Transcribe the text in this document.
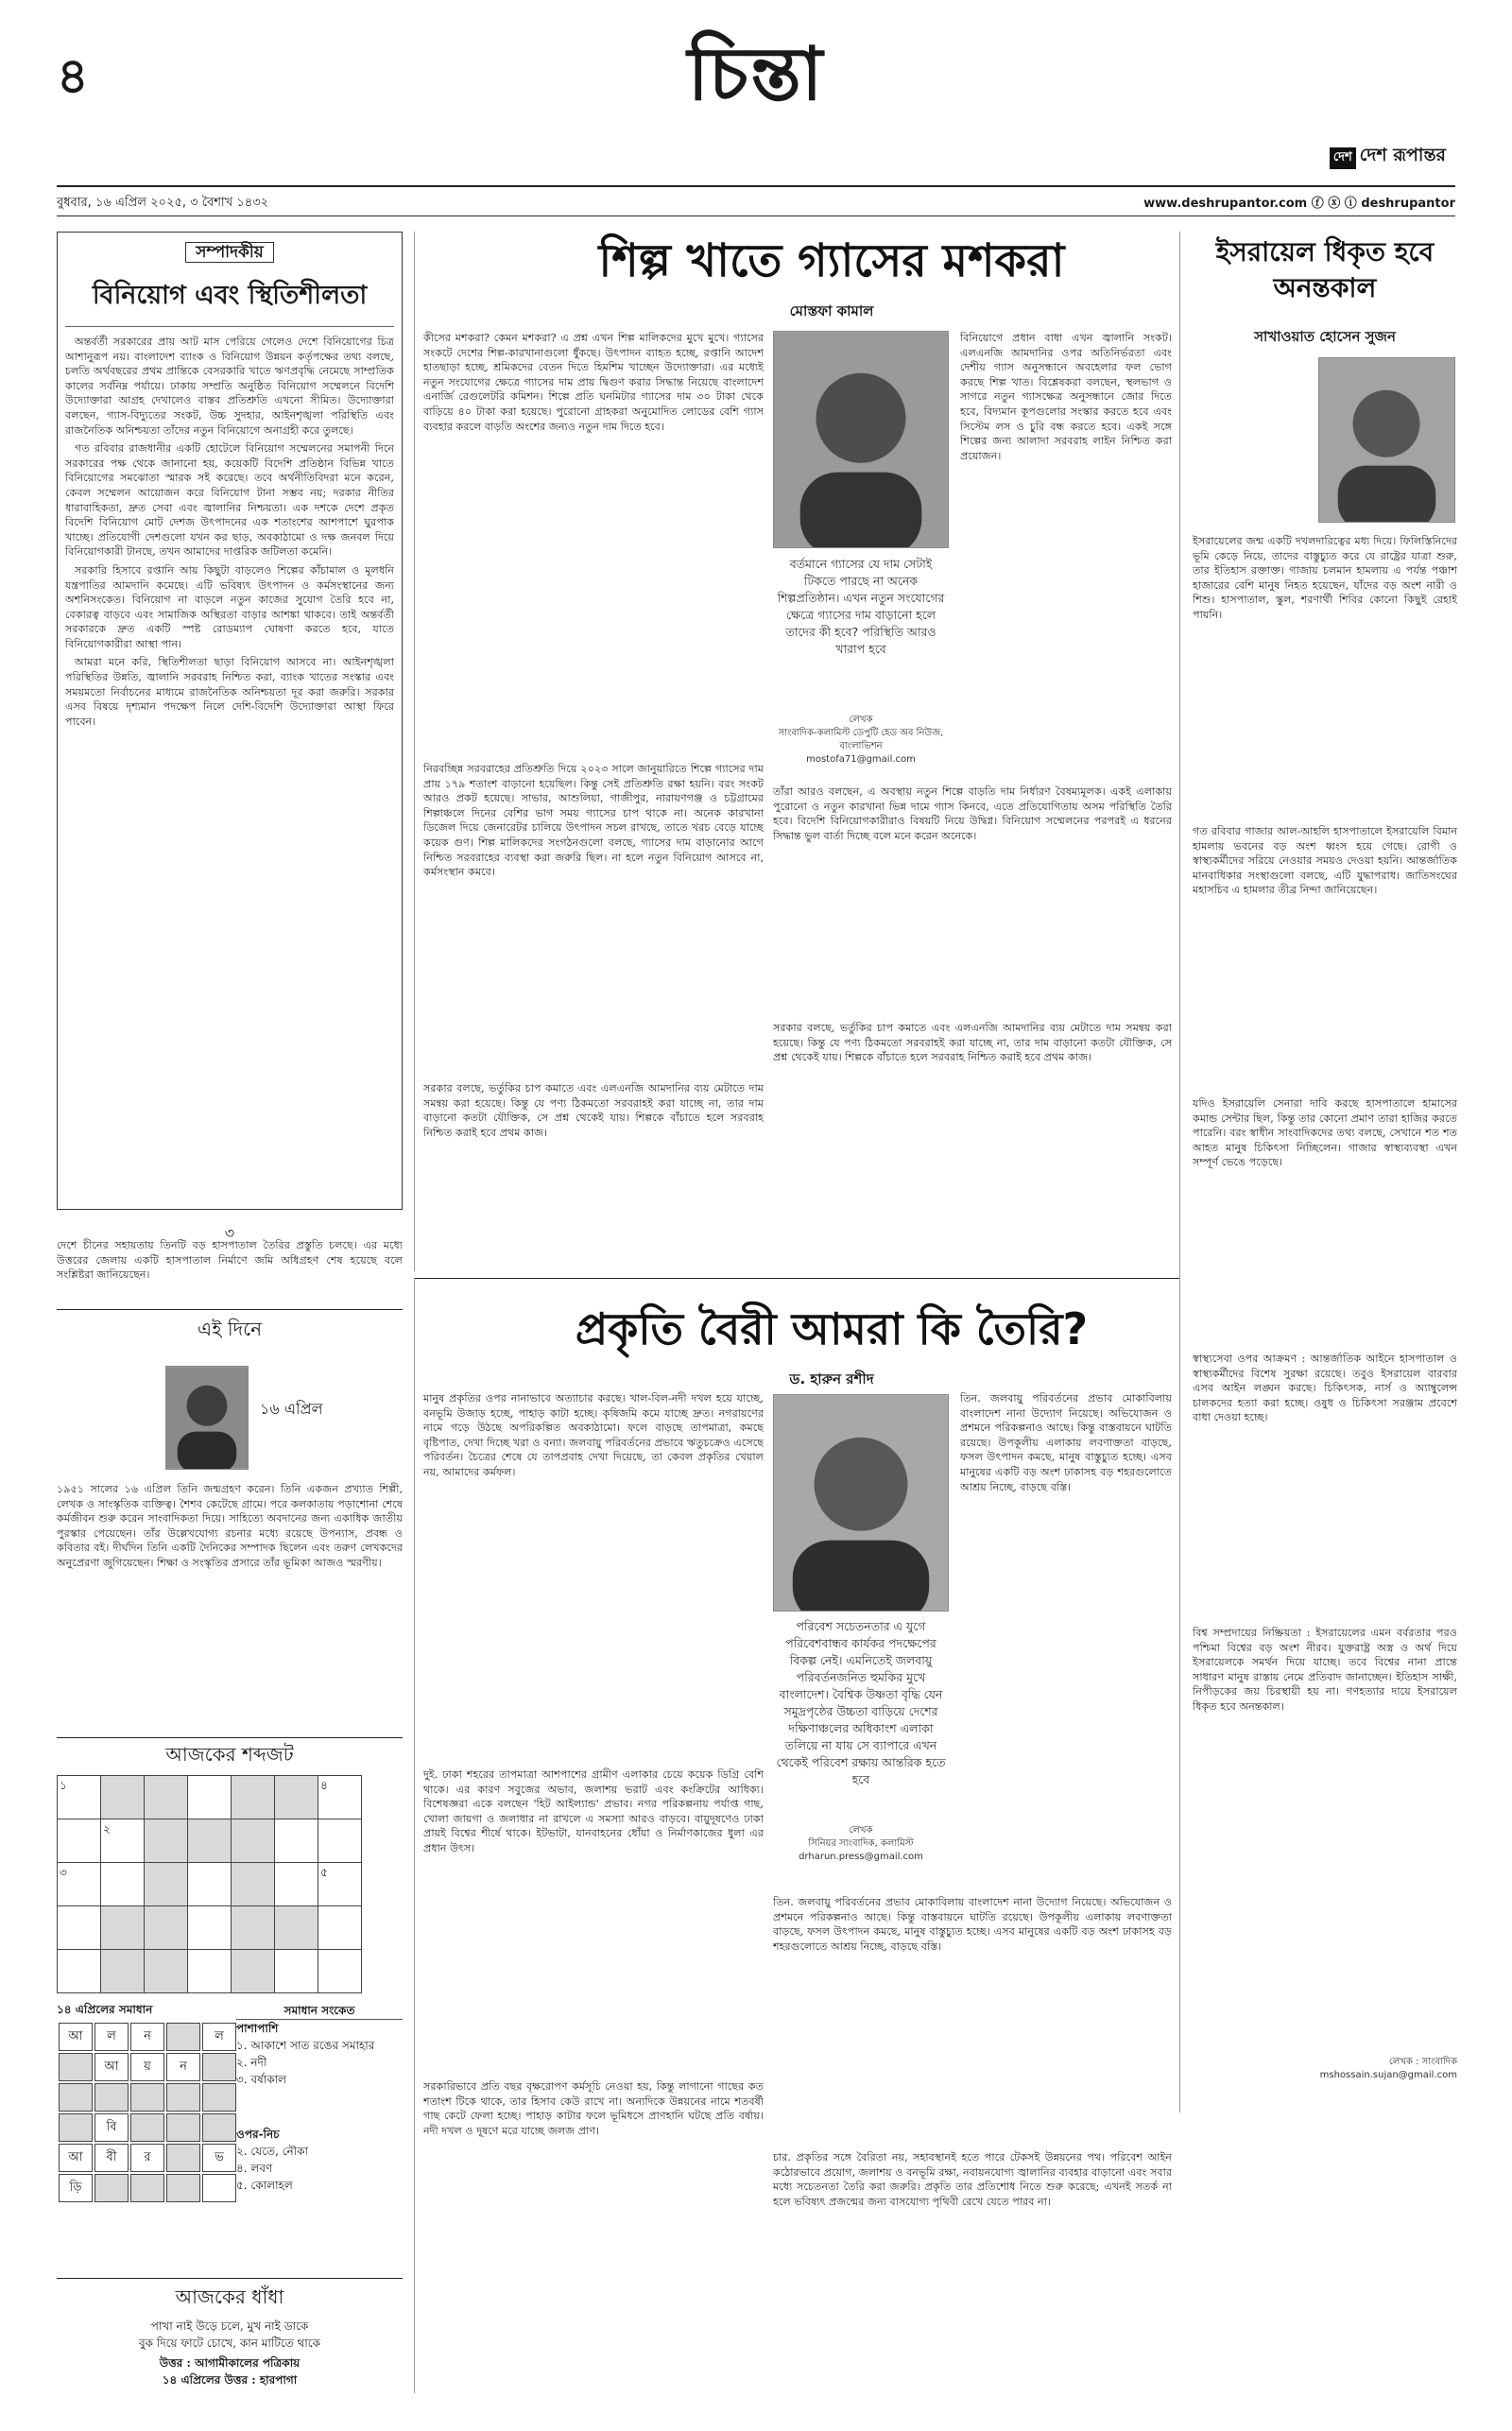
৪	চিন্তা
দেশ দেশ রূপান্তর
বুধবার, ১৬ এপ্রিল ২০২৫, ৩ বৈশাখ ১৪৩২	www.deshrupantor.com ⓕ ⓧ ⓘ deshrupantor
সম্পাদকীয়
বিনিয়োগ এবং স্থিতিশীলতা

অন্তর্বর্তী সরকারের প্রায় আট মাস পেরিয়ে গেলেও দেশে বিনিয়োগের চিত্র আশানুরূপ নয়। বাংলাদেশ ব্যাংক ও বিনিয়োগ উন্নয়ন কর্তৃপক্ষের তথ্য বলছে, চলতি অর্থবছরের প্রথম প্রান্তিকে বেসরকারি খাতে ঋণপ্রবৃদ্ধি নেমেছে সাম্প্রতিক কালের সর্বনিম্ন পর্যায়ে। ঢাকায় সম্প্রতি অনুষ্ঠিত বিনিয়োগ সম্মেলনে বিদেশি উদ্যোক্তারা আগ্রহ দেখালেও বাস্তব প্রতিশ্রুতি এখনো সীমিত। উদ্যোক্তারা বলছেন, গ্যাস-বিদ্যুতের সংকট, উচ্চ সুদহার, আইনশৃঙ্খলা পরিস্থিতি এবং রাজনৈতিক অনিশ্চয়তা তাঁদের নতুন বিনিয়োগে অনাগ্রহী করে তুলছে।

গত রবিবার রাজধানীর একটি হোটেলে বিনিয়োগ সম্মেলনের সমাপনী দিনে সরকারের পক্ষ থেকে জানানো হয়, কয়েকটি বিদেশি প্রতিষ্ঠান বিভিন্ন খাতে বিনিয়োগের সমঝোতা স্মারক সই করেছে। তবে অর্থনীতিবিদরা মনে করেন, কেবল সম্মেলন আয়োজন করে বিনিয়োগ টানা সম্ভব নয়; দরকার নীতির ধারাবাহিকতা, দ্রুত সেবা এবং জ্বালানির নিশ্চয়তা। এক দশকে দেশে প্রকৃত বিদেশি বিনিয়োগ মোট দেশজ উৎপাদনের এক শতাংশের আশপাশে ঘুরপাক খাচ্ছে। প্রতিযোগী দেশগুলো যখন কর ছাড়, অবকাঠামো ও দক্ষ জনবল দিয়ে বিনিয়োগকারী টানছে, তখন আমাদের দাপ্তরিক জটিলতা কমেনি।

সরকারি হিসাবে রপ্তানি আয় কিছুটা বাড়লেও শিল্পের কাঁচামাল ও মূলধনি যন্ত্রপাতির আমদানি কমেছে। এটি ভবিষ্যৎ উৎপাদন ও কর্মসংস্থানের জন্য অশনিসংকেত। বিনিয়োগ না বাড়লে নতুন কাজের সুযোগ তৈরি হবে না, বেকারত্ব বাড়বে এবং সামাজিক অস্থিরতা বাড়ার আশঙ্কা থাকবে। তাই অন্তর্বর্তী সরকারকে দ্রুত একটি স্পষ্ট রোডম্যাপ ঘোষণা করতে হবে, যাতে বিনিয়োগকারীরা আস্থা পান।

আমরা মনে করি, স্থিতিশীলতা ছাড়া বিনিয়োগ আসবে না। আইনশৃঙ্খলা পরিস্থিতির উন্নতি, জ্বালানি সরবরাহ নিশ্চিত করা, ব্যাংক খাতের সংস্কার এবং সময়মতো নির্বাচনের মাধ্যমে রাজনৈতিক অনিশ্চয়তা দূর করা জরুরি। সরকার এসব বিষয়ে দৃশ্যমান পদক্ষেপ নিলে দেশি-বিদেশি উদ্যোক্তারা আস্থা ফিরে পাবেন।

শিল্প খাতে গ্যাসের মশকরা
মোস্তফা কামাল
বর্তমানে গ্যাসের যে দাম সেটাই টিকতে পারছে না অনেক শিল্পপ্রতিষ্ঠান। এখন নতুন সংযোগের ক্ষেত্রে গ্যাসের দাম বাড়ানো হলে তাদের কী হবে? পরিস্থিতি আরও খারাপ হবে
লেখক
সাংবাদিক-কলামিস্ট ডেপুটি হেড অব নিউজ, বাংলাভিশন
mostofa71@gmail.com
কীসের মশকরা? কেমন মশকরা? এ প্রশ্ন এখন শিল্প মালিকদের মুখে মুখে। গ্যাসের সংকটে দেশের শিল্প-কারখানাগুলো ধুঁকছে। উৎপাদন ব্যাহত হচ্ছে, রপ্তানি আদেশ হাতছাড়া হচ্ছে, শ্রমিকদের বেতন দিতে হিমশিম খাচ্ছেন উদ্যোক্তারা। এর মধ্যেই নতুন সংযোগের ক্ষেত্রে গ্যাসের দাম প্রায় দ্বিগুণ করার সিদ্ধান্ত নিয়েছে বাংলাদেশ এনার্জি রেগুলেটরি কমিশন। শিল্পে প্রতি ঘনমিটার গ্যাসের দাম ৩০ টাকা থেকে বাড়িয়ে ৪০ টাকা করা হয়েছে। পুরোনো গ্রাহকরা অনুমোদিত লোডের বেশি গ্যাস ব্যবহার করলে বাড়তি অংশের জন্যও নতুন দাম দিতে হবে।
নিরবচ্ছিন্ন সরবরাহের প্রতিশ্রুতি দিয়ে ২০২৩ সালে জানুয়ারিতে শিল্পে গ্যাসের দাম প্রায় ১৭৯ শতাংশ বাড়ানো হয়েছিল। কিন্তু সেই প্রতিশ্রুতি রক্ষা হয়নি। বরং সংকট আরও প্রকট হয়েছে। সাভার, আশুলিয়া, গাজীপুর, নারায়ণগঞ্জ ও চট্টগ্রামের শিল্পাঞ্চলে দিনের বেশির ভাগ সময় গ্যাসের চাপ থাকে না। অনেক কারখানা ডিজেল দিয়ে জেনারেটর চালিয়ে উৎপাদন সচল রাখছে, তাতে খরচ বেড়ে যাচ্ছে কয়েক গুণ। শিল্প মালিকদের সংগঠনগুলো বলছে, গ্যাসের দাম বাড়ানোর আগে নিশ্চিত সরবরাহের ব্যবস্থা করা জরুরি ছিল। না হলে নতুন বিনিয়োগ আসবে না, কর্মসংস্থান কমবে।
সরকার বলছে, ভর্তুকির চাপ কমাতে এবং এলএনজি আমদানির ব্যয় মেটাতে দাম সমন্বয় করা হয়েছে। কিন্তু যে পণ্য ঠিকমতো সরবরাহই করা যাচ্ছে না, তার দাম বাড়ানো কতটা যৌক্তিক, সে প্রশ্ন থেকেই যায়। শিল্পকে বাঁচাতে হলে সরবরাহ নিশ্চিত করাই হবে প্রথম কাজ।
বিনিয়োগে প্রধান বাধা এখন জ্বালানি সংকট। এলএনজি আমদানির ওপর অতিনির্ভরতা এবং দেশীয় গ্যাস অনুসন্ধানে অবহেলার ফল ভোগ করছে শিল্প খাত। বিশ্লেষকরা বলছেন, স্থলভাগ ও সাগরে নতুন গ্যাসক্ষেত্র অনুসন্ধানে জোর দিতে হবে, বিদ্যমান কূপগুলোর সংস্কার করতে হবে এবং সিস্টেম লস ও চুরি বন্ধ করতে হবে। একই সঙ্গে শিল্পের জন্য আলাদা সরবরাহ লাইন নিশ্চিত করা প্রয়োজন।
তাঁরা আরও বলছেন, এ অবস্থায় নতুন শিল্পে বাড়তি দাম নির্ধারণ বৈষম্যমূলক। একই এলাকায় পুরোনো ও নতুন কারখানা ভিন্ন দামে গ্যাস কিনবে, এতে প্রতিযোগিতায় অসম পরিস্থিতি তৈরি হবে। বিদেশি বিনিয়োগকারীরাও বিষয়টি নিয়ে উদ্বিগ্ন। বিনিয়োগ সম্মেলনের পরপরই এ ধরনের সিদ্ধান্ত ভুল বার্তা দিচ্ছে বলে মনে করেন অনেকে।
সরকার বলছে, ভর্তুকির চাপ কমাতে এবং এলএনজি আমদানির ব্যয় মেটাতে দাম সমন্বয় করা হয়েছে। কিন্তু যে পণ্য ঠিকমতো সরবরাহই করা যাচ্ছে না, তার দাম বাড়ানো কতটা যৌক্তিক, সে প্রশ্ন থেকেই যায়। শিল্পকে বাঁচাতে হলে সরবরাহ নিশ্চিত করাই হবে প্রথম কাজ।
ইসরায়েল ধিকৃত হবে অনন্তকাল
সাখাওয়াত হোসেন সুজন
ইসরায়েলের জন্ম একটি দখলদারিত্বের মধ্য দিয়ে। ফিলিস্তিনিদের ভূমি কেড়ে নিয়ে, তাদের বাস্তুচ্যুত করে যে রাষ্ট্রের যাত্রা শুরু, তার ইতিহাস রক্তাক্ত। গাজায় চলমান হামলায় এ পর্যন্ত পঞ্চাশ হাজারের বেশি মানুষ নিহত হয়েছেন, যাঁদের বড় অংশ নারী ও শিশু। হাসপাতাল, স্কুল, শরণার্থী শিবির কোনো কিছুই রেহাই পায়নি।
গত রবিবার গাজার আল-আহলি হাসপাতালে ইসরায়েলি বিমান হামলায় ভবনের বড় অংশ ধ্বংস হয়ে গেছে। রোগী ও স্বাস্থ্যকর্মীদের সরিয়ে নেওয়ার সময়ও দেওয়া হয়নি। আন্তর্জাতিক মানবাধিকার সংস্থাগুলো বলছে, এটি যুদ্ধাপরাধ। জাতিসংঘের মহাসচিব এ হামলার তীব্র নিন্দা জানিয়েছেন।
যদিও ইসরায়েলি সেনারা দাবি করছে হাসপাতালে হামাসের কমান্ড সেন্টার ছিল, কিন্তু তার কোনো প্রমাণ তারা হাজির করতে পারেনি। বরং স্বাধীন সাংবাদিকদের তথ্য বলছে, সেখানে শত শত আহত মানুষ চিকিৎসা নিচ্ছিলেন। গাজার স্বাস্থ্যব্যবস্থা এখন সম্পূর্ণ ভেঙে পড়েছে।
স্বাস্থ্যসেবা ওপর আক্রমণ : আন্তর্জাতিক আইনে হাসপাতাল ও স্বাস্থ্যকর্মীদের বিশেষ সুরক্ষা রয়েছে। তবুও ইসরায়েল বারবার এসব আইন লঙ্ঘন করছে। চিকিৎসক, নার্স ও অ্যাম্বুলেন্স চালকদের হত্যা করা হচ্ছে। ওষুধ ও চিকিৎসা সরঞ্জাম প্রবেশে বাধা দেওয়া হচ্ছে।
বিশ্ব সম্প্রদায়ের নিষ্ক্রিয়তা : ইসরায়েলের এমন বর্বরতার পরও পশ্চিমা বিশ্বের বড় অংশ নীরব। যুক্তরাষ্ট্র অস্ত্র ও অর্থ দিয়ে ইসরায়েলকে সমর্থন দিয়ে যাচ্ছে। তবে বিশ্বের নানা প্রান্তে সাধারণ মানুষ রাস্তায় নেমে প্রতিবাদ জানাচ্ছেন। ইতিহাস সাক্ষী, নিপীড়কের জয় চিরস্থায়ী হয় না। গণহত্যার দায়ে ইসরায়েল ধিকৃত হবে অনন্তকাল।
লেখক : সাংবাদিক
mshossain.sujan@gmail.com
প্রকৃতি বৈরী আমরা কি তৈরি?
ড. হারুন রশীদ
পরিবেশ সচেতনতার এ যুগে পরিবেশবান্ধব কার্যকর পদক্ষেপের বিকল্প নেই। এমনিতেই জলবায়ু পরিবর্তনজনিত হুমকির মুখে বাংলাদেশ। বৈশ্বিক উষ্ণতা বৃদ্ধি যেন সমুদ্রপৃষ্ঠের উচ্চতা বাড়িয়ে দেশের দক্ষিণাঞ্চলের অধিকাংশ এলাকা তলিয়ে না যায় সে ব্যাপারে এখন থেকেই পরিবেশ রক্ষায় আন্তরিক হতে হবে
লেখক
সিনিয়র সাংবাদিক, কলামিস্ট
drharun.press@gmail.com
মানুষ প্রকৃতির ওপর নানাভাবে অত্যাচার করছে। খাল-বিল-নদী দখল হয়ে যাচ্ছে, বনভূমি উজাড় হচ্ছে, পাহাড় কাটা হচ্ছে। কৃষিজমি কমে যাচ্ছে দ্রুত। নগরায়ণের নামে গড়ে উঠছে অপরিকল্পিত অবকাঠামো। ফলে বাড়ছে তাপমাত্রা, কমছে বৃষ্টিপাত, দেখা দিচ্ছে খরা ও বন্যা। জলবায়ু পরিবর্তনের প্রভাবে ঋতুচক্রেও এসেছে পরিবর্তন। চৈত্রের শেষে যে তাপপ্রবাহ দেখা দিয়েছে, তা কেবল প্রকৃতির খেয়াল নয়, আমাদের কর্মফল।
দুই. ঢাকা শহরের তাপমাত্রা আশপাশের গ্রামীণ এলাকার চেয়ে কয়েক ডিগ্রি বেশি থাকে। এর কারণ সবুজের অভাব, জলাশয় ভরাট এবং কংক্রিটের আধিক্য। বিশেষজ্ঞরা একে বলছেন 'হিট আইল্যান্ড' প্রভাব। নগর পরিকল্পনায় পর্যাপ্ত গাছ, খোলা জায়গা ও জলাধার না রাখলে এ সমস্যা আরও বাড়বে। বায়ুদূষণেও ঢাকা প্রায়ই বিশ্বের শীর্ষে থাকে। ইটভাটা, যানবাহনের ধোঁয়া ও নির্মাণকাজের ধুলা এর প্রধান উৎস।
সরকারিভাবে প্রতি বছর বৃক্ষরোপণ কর্মসূচি নেওয়া হয়, কিন্তু লাগানো গাছের কত শতাংশ টিকে থাকে, তার হিসাব কেউ রাখে না। অন্যদিকে উন্নয়নের নামে শতবর্ষী গাছ কেটে ফেলা হচ্ছে। পাহাড় কাটার ফলে ভূমিধসে প্রাণহানি ঘটছে প্রতি বর্ষায়। নদী দখল ও দূষণে মরে যাচ্ছে জলজ প্রাণ।
তিন. জলবায়ু পরিবর্তনের প্রভাব মোকাবিলায় বাংলাদেশ নানা উদ্যোগ নিয়েছে। অভিযোজন ও প্রশমনে পরিকল্পনাও আছে। কিন্তু বাস্তবায়নে ঘাটতি রয়েছে। উপকূলীয় এলাকায় লবণাক্ততা বাড়ছে, ফসল উৎপাদন কমছে, মানুষ বাস্তুচ্যুত হচ্ছে। এসব মানুষের একটি বড় অংশ ঢাকাসহ বড় শহরগুলোতে আশ্রয় নিচ্ছে, বাড়ছে বস্তি।
তিন. জলবায়ু পরিবর্তনের প্রভাব মোকাবিলায় বাংলাদেশ নানা উদ্যোগ নিয়েছে। অভিযোজন ও প্রশমনে পরিকল্পনাও আছে। কিন্তু বাস্তবায়নে ঘাটতি রয়েছে। উপকূলীয় এলাকায় লবণাক্ততা বাড়ছে, ফসল উৎপাদন কমছে, মানুষ বাস্তুচ্যুত হচ্ছে। এসব মানুষের একটি বড় অংশ ঢাকাসহ বড় শহরগুলোতে আশ্রয় নিচ্ছে, বাড়ছে বস্তি।
চার. প্রকৃতির সঙ্গে বৈরিতা নয়, সহাবস্থানই হতে পারে টেকসই উন্নয়নের পথ। পরিবেশ আইন কঠোরভাবে প্রয়োগ, জলাশয় ও বনভূমি রক্ষা, নবায়নযোগ্য জ্বালানির ব্যবহার বাড়ানো এবং সবার মধ্যে সচেতনতা তৈরি করা জরুরি। প্রকৃতি তার প্রতিশোধ নিতে শুরু করেছে; এখনই সতর্ক না হলে ভবিষ্যৎ প্রজন্মের জন্য বাসযোগ্য পৃথিবী রেখে যেতে পারব না।
৩
দেশে চীনের সহায়তায় তিনটি বড় হাসপাতাল তৈরির প্রস্তুতি চলছে। এর মধ্যে উত্তরের জেলায় একটি হাসপাতাল নির্মাণে জমি অধিগ্রহণ শেষ হয়েছে বলে সংশ্লিষ্টরা জানিয়েছেন।
এই দিনে
১৬ এপ্রিল
১৯৫১ সালের ১৬ এপ্রিল তিনি জন্মগ্রহণ করেন। তিনি একজন প্রখ্যাত শিল্পী, লেখক ও সাংস্কৃতিক ব্যক্তিত্ব। শৈশব কেটেছে গ্রামে। পরে কলকাতায় পড়াশোনা শেষে কর্মজীবন শুরু করেন সাংবাদিকতা দিয়ে। সাহিত্যে অবদানের জন্য একাধিক জাতীয় পুরস্কার পেয়েছেন। তাঁর উল্লেখযোগ্য রচনার মধ্যে রয়েছে উপন্যাস, প্রবন্ধ ও কবিতার বই। দীর্ঘদিন তিনি একটি দৈনিকের সম্পাদক ছিলেন এবং তরুণ লেখকদের অনুপ্রেরণা জুগিয়েছেন। শিক্ষা ও সংস্কৃতির প্রসারে তাঁর ভূমিকা আজও স্মরণীয়।
আজকের শব্দজট
১						৪
	২					
৩						৫

১৪ এপ্রিলের সমাধান
আ	ল	ন		ল
	আ	য়	ন	

	বি			
আ	বী	র		ভ
ড়ি				
সমাধান সংকেত
পাশাপাশি
১. আকাশে সাত রঙের সমাহার
২. নদী
৩. বর্ষাকাল
ওপর-নিচ
২. যেতে, নৌকা
৪. লবণ
৫. কোলাহল
আজকের ধাঁধা
পাখা নাই উড়ে চলে, মুখ নাই ডাকে
বুক দিয়ে ফাটে চোখে, কান মাটিতে থাকে
উত্তর : আগামীকালের পত্রিকায়
১৪ এপ্রিলের উত্তর : হারপাগা
